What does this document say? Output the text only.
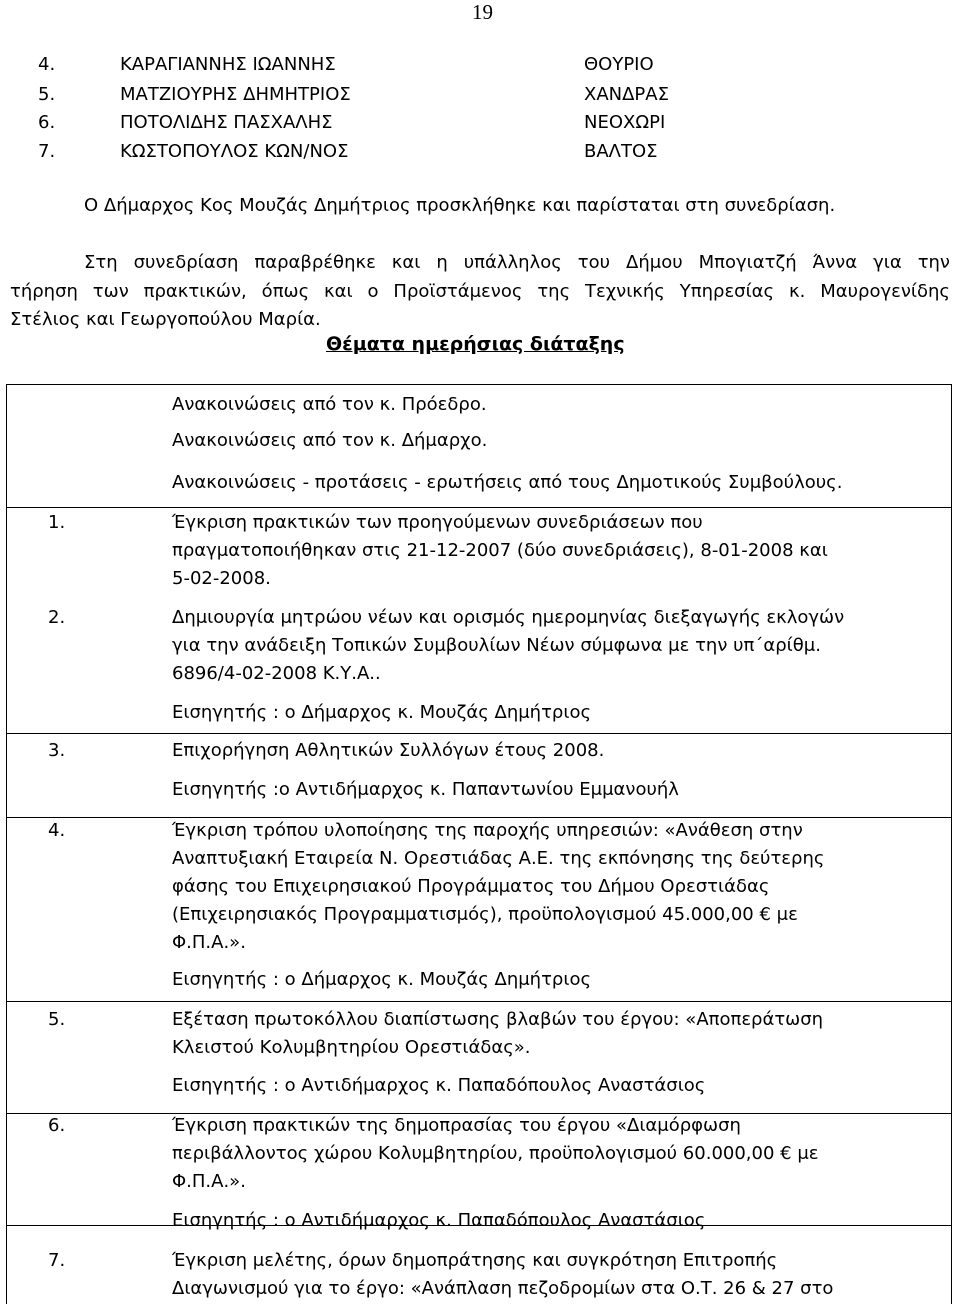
19
4.	ΚΑΡΑΓΙΑΝΝΗΣ ΙΩΑΝΝΗΣ	ΘΟΥΡΙΟ
5.	ΜΑΤΖΙΟΥΡΗΣ ΔΗΜΗΤΡΙΟΣ	ΧΑΝΔΡΑΣ
6.	ΠΟΤΟΛΙΔΗΣ ΠΑΣΧΑΛΗΣ	ΝΕΟΧΩΡΙ
7.	ΚΩΣΤΟΠΟΥΛΟΣ ΚΩΝ/ΝΟΣ	ΒΑΛΤΟΣ
Ο Δήμαρχος Κος Μουζάς Δημήτριος προσκλήθηκε και παρίσταται στη συνεδρίαση.
Στη συνεδρίαση παραβρέθηκε και η υπάλληλος του Δήμου Μπογιατζή Άννα για την
τήρηση των πρακτικών, όπως και ο Προϊστάμενος της Τεχνικής Υπηρεσίας κ. Μαυρογενίδης
Στέλιος και Γεωργοπούλου Μαρία.
Θέματα ημερήσιας διάταξης
Ανακοινώσεις από τον κ. Πρόεδρο.
Ανακοινώσεις από τον κ. Δήμαρχο.
Ανακοινώσεις - προτάσεις - ερωτήσεις από τους Δημοτικούς Συμβούλους.
1.	Έγκριση πρακτικών των προηγούμενων συνεδριάσεων που
πραγματοποιήθηκαν στις 21-12-2007 (δύο συνεδριάσεις), 8-01-2008 και
5-02-2008.
2.	Δημιουργία μητρώου νέων και ορισμός ημερομηνίας διεξαγωγής εκλογών
για την ανάδειξη Τοπικών Συμβουλίων Νέων σύμφωνα με την υπ΄αρίθμ.
6896/4-02-2008 Κ.Υ.Α..
Εισηγητής : ο Δήμαρχος κ. Μουζάς Δημήτριος
3.	Επιχορήγηση Αθλητικών Συλλόγων έτους 2008.
Εισηγητής :ο Αντιδήμαρχος κ. Παπαντωνίου Εμμανουήλ
4.	Έγκριση τρόπου υλοποίησης της παροχής υπηρεσιών: «Ανάθεση στην
Αναπτυξιακή Εταιρεία Ν. Ορεστιάδας Α.Ε. της εκπόνησης της δεύτερης
φάσης του Επιχειρησιακού Προγράμματος του Δήμου Ορεστιάδας
(Επιχειρησιακός Προγραμματισμός), προϋπολογισμού 45.000,00 € με
Φ.Π.Α.».
Εισηγητής : ο Δήμαρχος κ. Μουζάς Δημήτριος
5.	Εξέταση πρωτοκόλλου διαπίστωσης βλαβών του έργου: «Αποπεράτωση
Κλειστού Κολυμβητηρίου Ορεστιάδας».
Εισηγητής : ο Αντιδήμαρχος κ. Παπαδόπουλος Αναστάσιος
6.	Έγκριση πρακτικών της δημοπρασίας του έργου «Διαμόρφωση
περιβάλλοντος χώρου Κολυμβητηρίου, προϋπολογισμού 60.000,00 € με
Φ.Π.Α.».
Εισηγητής : ο Αντιδήμαρχος κ. Παπαδόπουλος Αναστάσιος
7.	Έγκριση μελέτης, όρων δημοπράτησης και συγκρότηση Επιτροπής
Διαγωνισμού για το έργο: «Ανάπλαση πεζοδρομίων στα Ο.Τ. 26 & 27 στο
